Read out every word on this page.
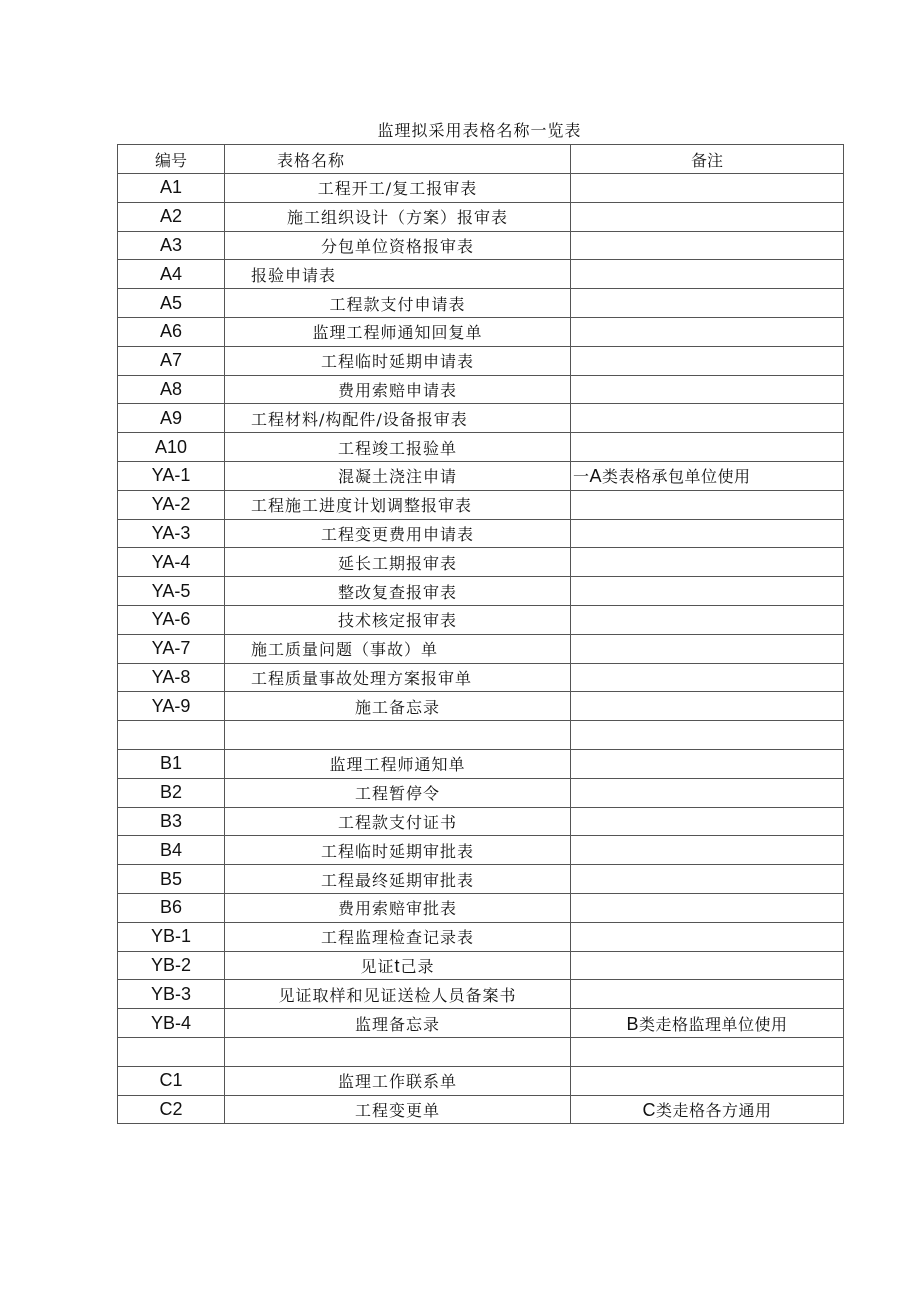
监理拟采用表格名称一览表
编号	表格名称	备注
A1	工程开工/复工报审表	
A2	施工组织设计（方案）报审表	
A3	分包单位资格报审表	
A4	报验申请表	
A5	工程款支付申请表	
A6	监理工程师通知回复单	
A7	工程临时延期申请表	
A8	费用索赔申请表	
A9	工程材料/构配件/设备报审表	
A10	工程竣工报验单	
YA-1	混凝土浇注申请	一A类表格承包单位使用
YA-2	工程施工进度计划调整报审表	
YA-3	工程变更费用申请表	
YA-4	延长工期报审表	
YA-5	整改复查报审表	
YA-6	技术核定报审表	
YA-7	施工质量问题（事故）单	
YA-8	工程质量事故处理方案报审单	
YA-9	施工备忘录	

B1	监理工程师通知单	
B2	工程暂停令	
B3	工程款支付证书	
B4	工程临时延期审批表	
B5	工程最终延期审批表	
B6	费用索赔审批表	
YB-1	工程监理检查记录表	
YB-2	见证t己录	
YB-3	见证取样和见证送检人员备案书	
YB-4	监理备忘录	B类走格监理单位使用

C1	监理工作联系单	
C2	工程变更单	C类走格各方通用
